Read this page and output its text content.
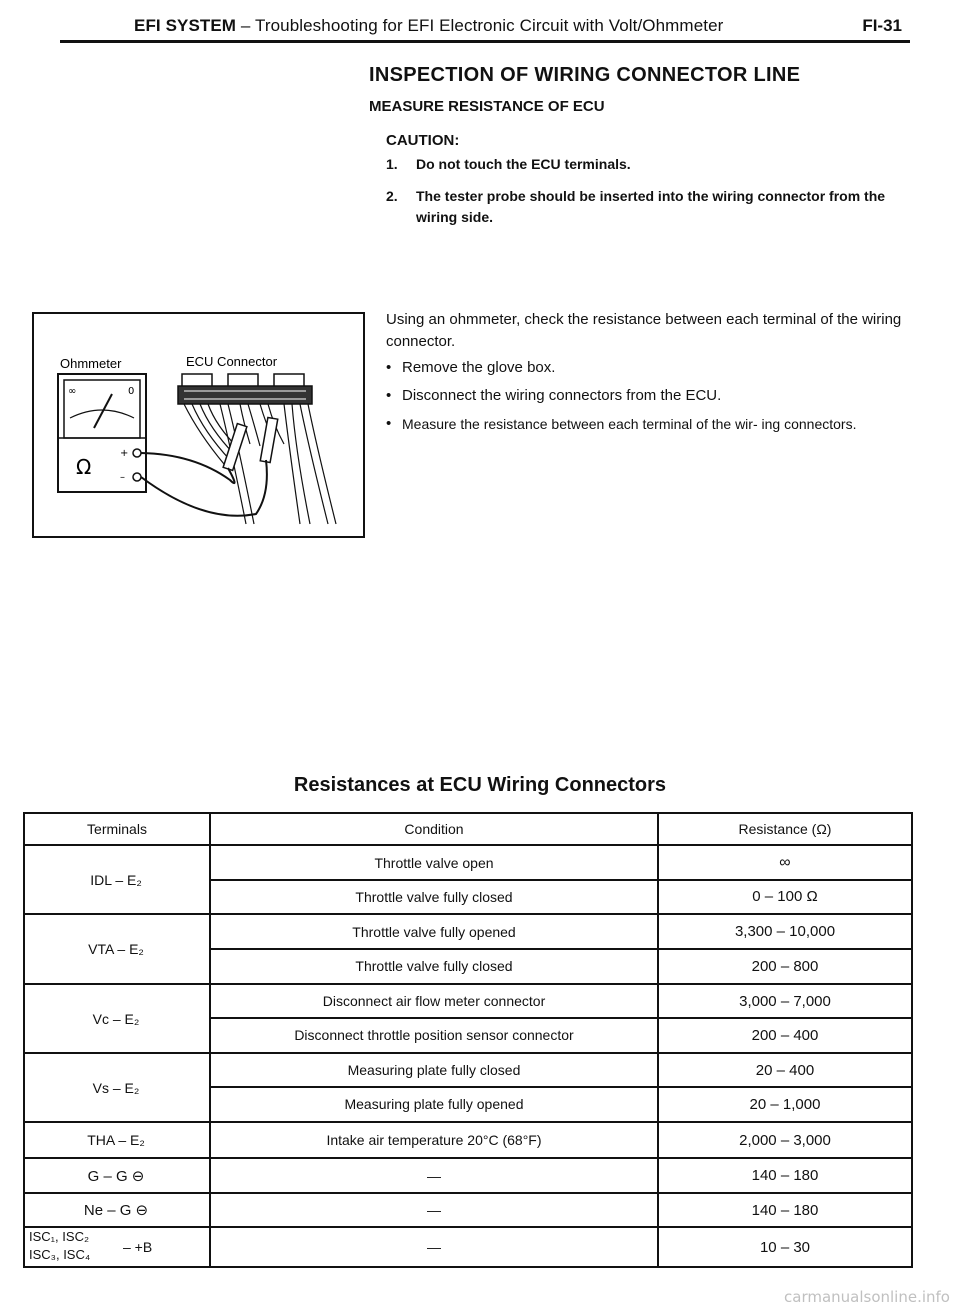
EFI SYSTEM – Troubleshooting for EFI Electronic Circuit with Volt/Ohmmeter	FI-31
INSPECTION OF WIRING CONNECTOR LINE
MEASURE RESISTANCE OF ECU
CAUTION:
1. Do not touch the ECU terminals.
2. The tester probe should be inserted into the wiring connector from the wiring side.
Using an ohmmeter, check the resistance between each terminal of the wiring connector.
• Remove the glove box.
• Disconnect the wiring connectors from the ECU.
• Measure the resistance between each terminal of the wir- ing connectors.
Ohmmeter	ECU Connector
∞	0
Ω
+
–
Resistances at ECU Wiring Connectors
Terminals	Condition	Resistance (Ω)
IDL – E₂
Throttle valve open	∞
Throttle valve fully closed	0 – 100 Ω
VTA – E₂
Throttle valve fully opened	3,300 – 10,000
Throttle valve fully closed	200 – 800
Vc – E₂
Disconnect air flow meter connector	3,000 – 7,000
Disconnect throttle position sensor connector	200 – 400
Vs – E₂
Measuring plate fully closed	20 – 400
Measuring plate fully opened	20 – 1,000
THA – E₂	Intake air temperature 20°C (68°F)	2,000 – 3,000
G – G ⊖	—	140 – 180
Ne – G ⊖	—	140 – 180
ISC₁, ISC₂
ISC₃, ISC₄	– +B	—	10 – 30
carmanualsonline.info
